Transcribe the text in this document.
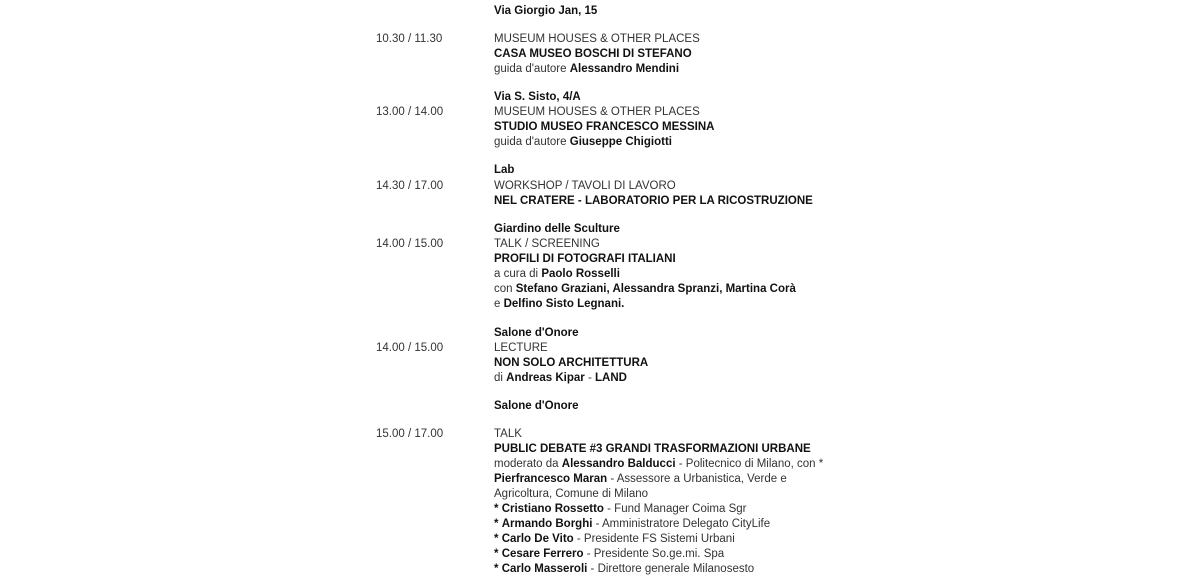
Via Giorgio Jan, 15
10.30 / 11.30	MUSEUM HOUSES & OTHER PLACES
CASA MUSEO BOSCHI DI STEFANO
guida d'autore Alessandro Mendini
Via S. Sisto, 4/A
13.00 / 14.00	MUSEUM HOUSES & OTHER PLACES
STUDIO MUSEO FRANCESCO MESSINA
guida d'autore Giuseppe Chigiotti
Lab
14.30 / 17.00	WORKSHOP / TAVOLI DI LAVORO
NEL CRATERE - LABORATORIO PER LA RICOSTRUZIONE
Giardino delle Sculture
14.00 / 15.00	TALK / SCREENING
PROFILI DI FOTOGRAFI ITALIANI
a cura di Paolo Rosselli
con Stefano Graziani, Alessandra Spranzi, Martina Corà
e Delfino Sisto Legnani.
Salone d'Onore
14.00 / 15.00	LECTURE
NON SOLO ARCHITETTURA
di Andreas Kipar - LAND
Salone d'Onore
15.00 / 17.00	TALK
PUBLIC DEBATE #3 GRANDI TRASFORMAZIONI URBANE
moderato da Alessandro Balducci - Politecnico di Milano, con *
Pierfrancesco Maran - Assessore a Urbanistica, Verde e
Agricoltura, Comune di Milano
* Cristiano Rossetto - Fund Manager Coima Sgr
* Armando Borghi - Amministratore Delegato CityLife
* Carlo De Vito - Presidente FS Sistemi Urbani
* Cesare Ferrero - Presidente So.ge.mi. Spa
* Carlo Masseroli - Direttore generale Milanosesto
